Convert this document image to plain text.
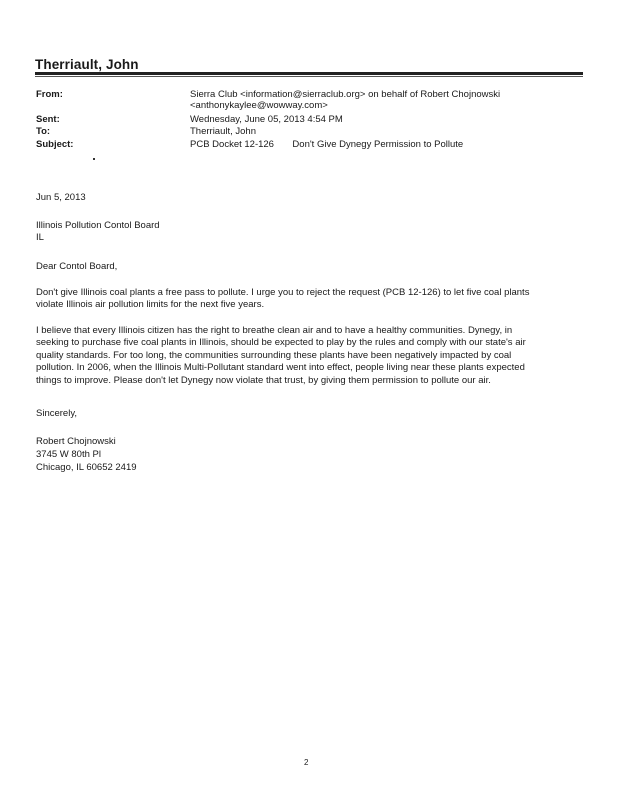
Therriault, John
From:	Sierra Club <information@sierraclub.org> on behalf of Robert Chojnowski
<anthonykaylee@wowway.com>
Sent:	Wednesday, June 05, 2013 4:54 PM
To:	Therriault, John
Subject:	PCB Docket 12-126       Don't Give Dynegy Permission to Pollute
Jun 5, 2013
Illinois Pollution Contol Board
IL
Dear Contol Board,
Don't give Illinois coal plants a free pass to pollute. I urge you to reject the request (PCB 12-126) to let five coal plants
violate Illinois air pollution limits for the next five years.
I believe that every Illinois citizen has the right to breathe clean air and to have a healthy communities. Dynegy, in
seeking to purchase five coal plants in Illinois, should be expected to play by the rules and comply with our state's air
quality standards. For too long, the communities surrounding these plants have been negatively impacted by coal
pollution. In 2006, when the Illinois Multi-Pollutant standard went into effect, people living near these plants expected
things to improve. Please don't let Dynegy now violate that trust, by giving them permission to pollute our air.
Sincerely,
Robert Chojnowski
3745 W 80th Pl
Chicago, IL 60652 2419
2
